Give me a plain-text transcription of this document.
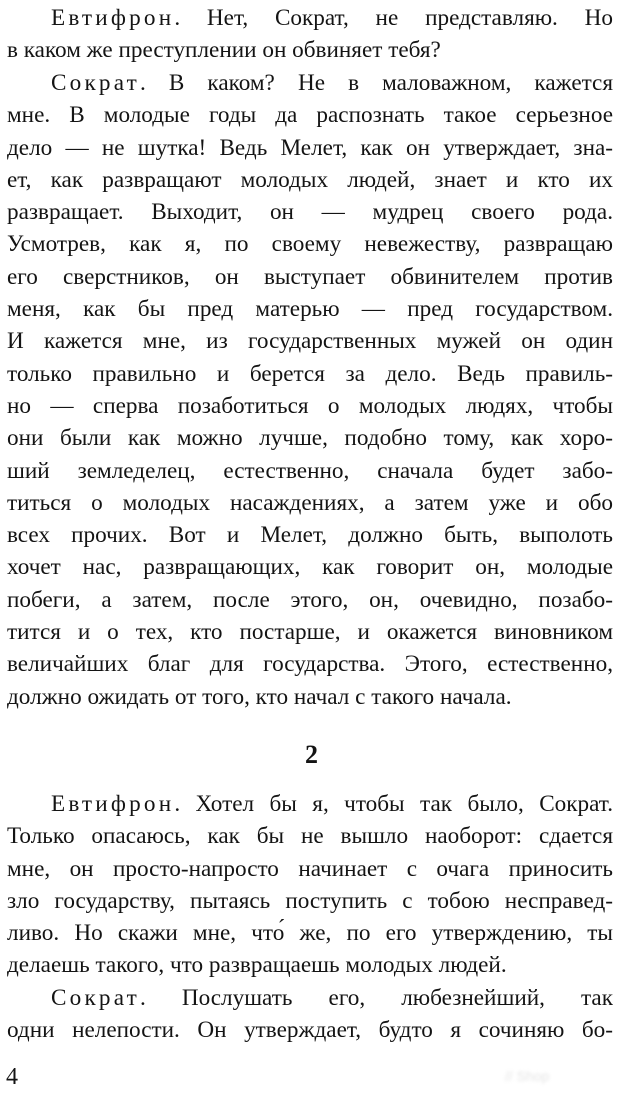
Евтифрон. Нет, Сократ, не представляю. Но
в каком же преступлении он обвиняет тебя?

Сократ. В каком? Не в маловажном, кажется
мне. В молодые годы да распознать такое серьезное
дело — не шутка! Ведь Мелет, как он утверждает, зна-
ет, как развращают молодых людей, знает и кто их
развращает. Выходит, он — мудрец своего рода.
Усмотрев, как я, по своему невежеству, развращаю
его сверстников, он выступает обвинителем против
меня, как бы пред матерью — пред государством.
И кажется мне, из государственных мужей он один
только правильно и берется за дело. Ведь правиль-
но — сперва позаботиться о молодых людях, чтобы
они были как можно лучше, подобно тому, как хоро-
ший земледелец, естественно, сначала будет забо-
титься о молодых насаждениях, а затем уже и обо
всех прочих. Вот и Мелет, должно быть, выполоть
хочет нас, развращающих, как говорит он, молодые
побеги, а затем, после этого, он, очевидно, позабо-
тится и о тех, кто постарше, и окажется виновником
величайших благ для государства. Этого, естественно,
должно ожидать от того, кто начал с такого начала.

2

Евтифрон. Хотел бы я, чтобы так было, Сократ.
Только опасаюсь, как бы не вышло наоборот: сдается
мне, он просто-напросто начинает с очага приносить
зло государству, пытаясь поступить с тобою несправед-
ливо. Но скажи мне, что́ же, по его утверждению, ты
делаешь такого, что развращаешь молодых людей.

Сократ. Послушать его, любезнейший, так
одни нелепости. Он утверждает, будто я сочиняю бо-

4	// Shop
